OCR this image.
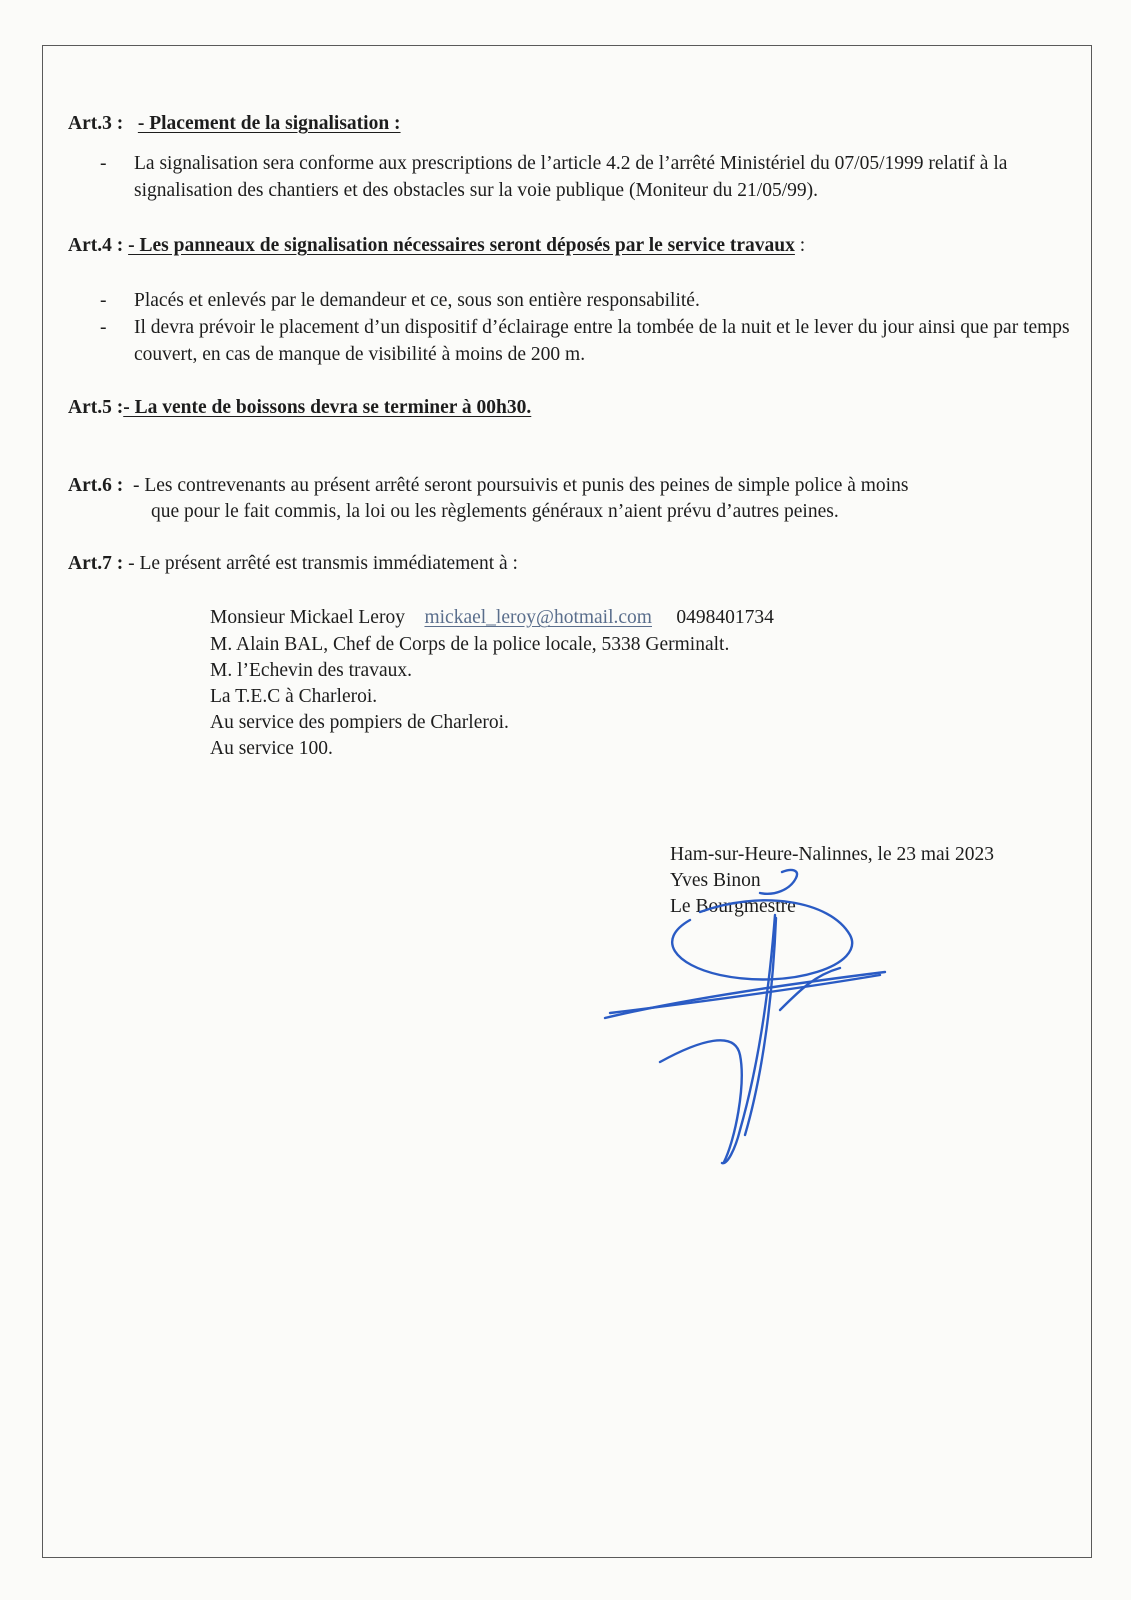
Art.3 : - Placement de la signalisation :
- La signalisation sera conforme aux prescriptions de l’article 4.2 de l’arrêté Ministériel du 07/05/1999 relatif à la signalisation des chantiers et des obstacles sur la voie publique (Moniteur du 21/05/99).
Art.4 : - Les panneaux de signalisation nécessaires seront déposés par le service travaux :
- Placés et enlevés par le demandeur et ce, sous son entière responsabilité.
- Il devra prévoir le placement d’un dispositif d’éclairage entre la tombée de la nuit et le lever du jour ainsi que par temps couvert, en cas de manque de visibilité à moins de 200 m.
Art.5 :- La vente de boissons devra se terminer à 00h30.
Art.6 : - Les contrevenants au présent arrêté seront poursuivis et punis des peines de simple police à moins
que pour le fait commis, la loi ou les règlements généraux n’aient prévu d’autres peines.
Art.7 : - Le présent arrêté est transmis immédiatement à :
Monsieur Mickael Leroy mickael_leroy@hotmail.com 0498401734
M. Alain BAL, Chef de Corps de la police locale, 5338 Germinalt.
M. l’Echevin des travaux.
La T.E.C à Charleroi.
Au service des pompiers de Charleroi.
Au service 100.
Ham-sur-Heure-Nalinnes, le 23 mai 2023
Yves Binon
Le Bourgmestre
